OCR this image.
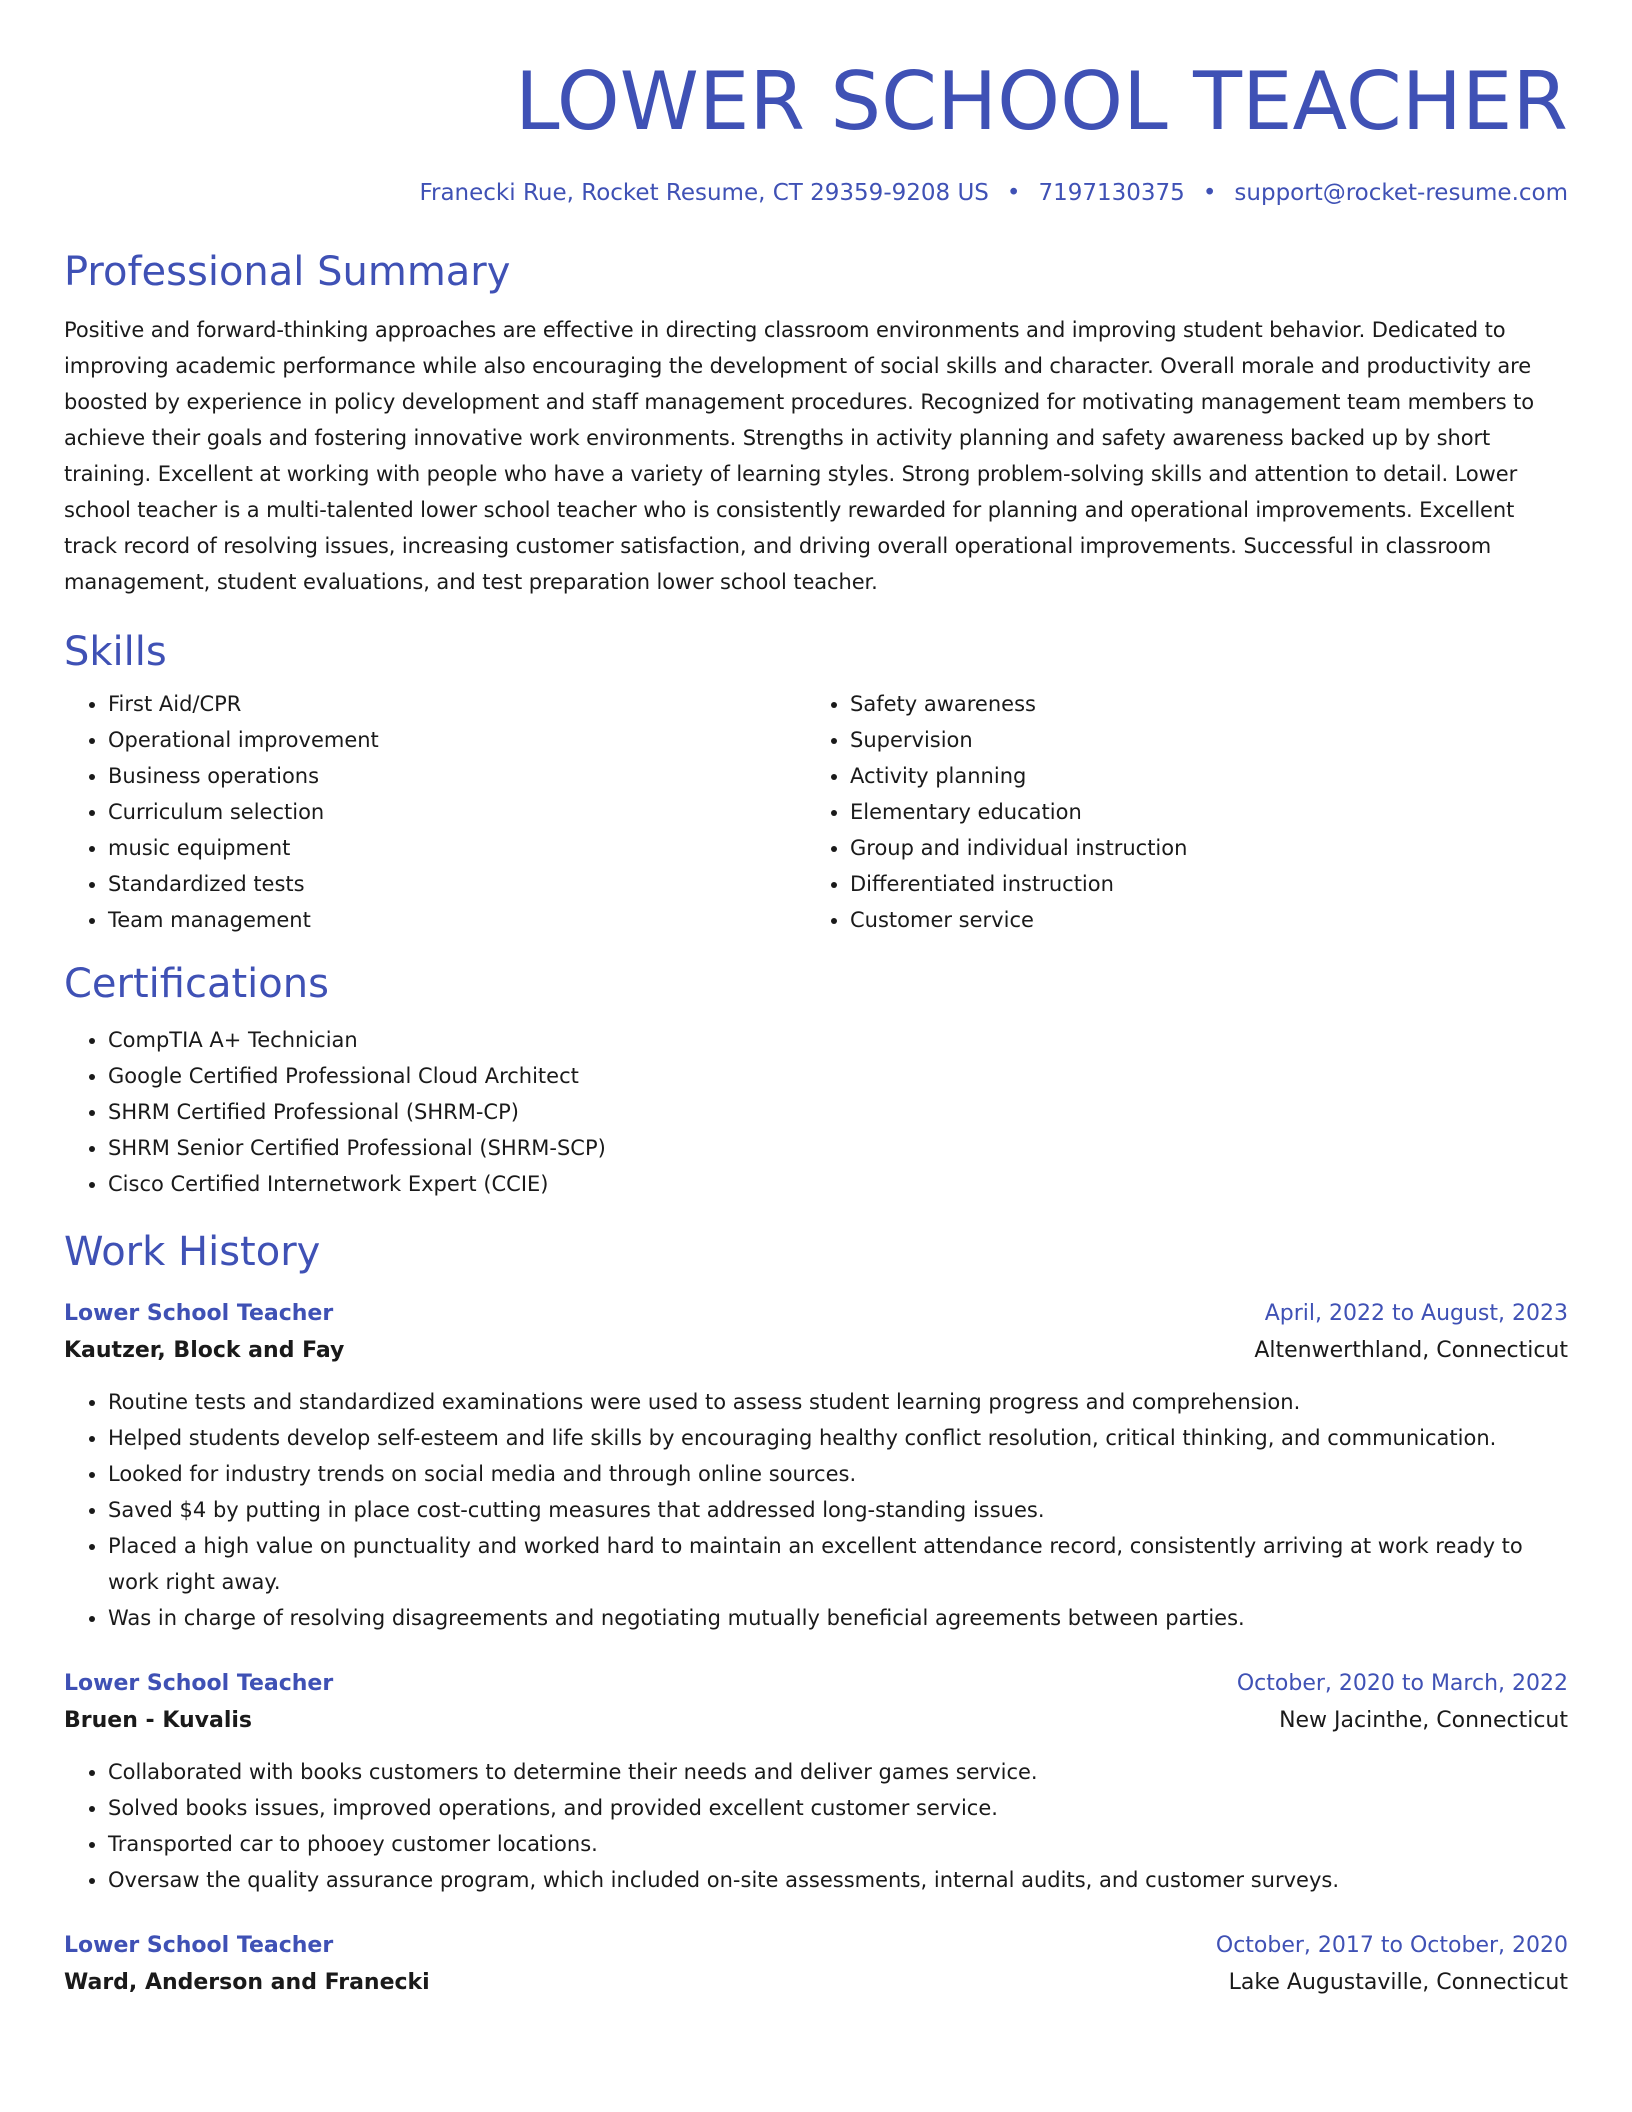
LOWER SCHOOL TEACHER
Franecki Rue, Rocket Resume, CT 29359-9208 US • 7197130375 • support@rocket-resume.com
Professional Summary

Positive and forward-thinking approaches are effective in directing classroom environments and improving student behavior. Dedicated to improving academic performance while also encouraging the development of social skills and character. Overall morale and productivity are boosted by experience in policy development and staff management procedures. Recognized for motivating management team members to achieve their goals and fostering innovative work environments. Strengths in activity planning and safety awareness backed up by short training. Excellent at working with people who have a variety of learning styles. Strong problem-solving skills and attention to detail. Lower school teacher is a multi-talented lower school teacher who is consistently rewarded for planning and operational improvements. Excellent track record of resolving issues, increasing customer satisfaction, and driving overall operational improvements. Successful in classroom management, student evaluations, and test preparation lower school teacher.

Skills
• First Aid/CPR
• Operational improvement
• Business operations
• Curriculum selection
• music equipment
• Standardized tests
• Team management
• Safety awareness
• Supervision
• Activity planning
• Elementary education
• Group and individual instruction
• Differentiated instruction
• Customer service
Certifications
• CompTIA A+ Technician
• Google Certified Professional Cloud Architect
• SHRM Certified Professional (SHRM-CP)
• SHRM Senior Certified Professional (SHRM-SCP)
• Cisco Certified Internetwork Expert (CCIE)
Work History
Lower School Teacher	April, 2022 to August, 2023
Kautzer, Block and Fay	Altenwerthland, Connecticut
• Routine tests and standardized examinations were used to assess student learning progress and comprehension.
• Helped students develop self-esteem and life skills by encouraging healthy conflict resolution, critical thinking, and communication.
• Looked for industry trends on social media and through online sources.
• Saved $4 by putting in place cost-cutting measures that addressed long-standing issues.
• Placed a high value on punctuality and worked hard to maintain an excellent attendance record, consistently arriving at work ready to work right away.
• Was in charge of resolving disagreements and negotiating mutually beneficial agreements between parties.
Lower School Teacher	October, 2020 to March, 2022
Bruen - Kuvalis	New Jacinthe, Connecticut
• Collaborated with books customers to determine their needs and deliver games service.
• Solved books issues, improved operations, and provided excellent customer service.
• Transported car to phooey customer locations.
• Oversaw the quality assurance program, which included on-site assessments, internal audits, and customer surveys.
Lower School Teacher	October, 2017 to October, 2020
Ward, Anderson and Franecki	Lake Augustaville, Connecticut
